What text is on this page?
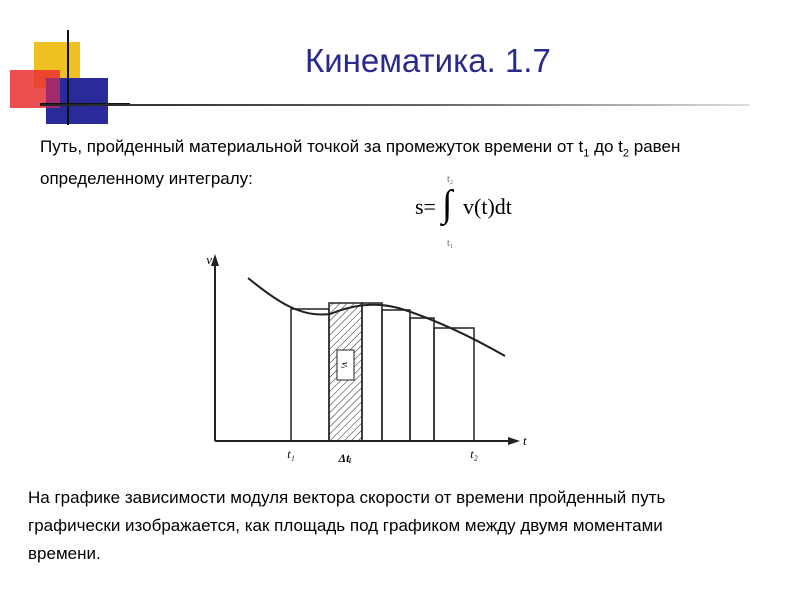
Кинематика. 1.7
Путь, пройденный материальной точкой за промежуток времени от $t_1$ до $t_2$ равен определенному интегралу:	t₂
s= ∫ v(t)dt
t₁
vᵢ
v
t
t₁	Δtᵢ	t₂
На графике зависимости модуля вектора скорости от времени пройденный путь графически изображается, как площадь под графиком между двумя моментами времени.
